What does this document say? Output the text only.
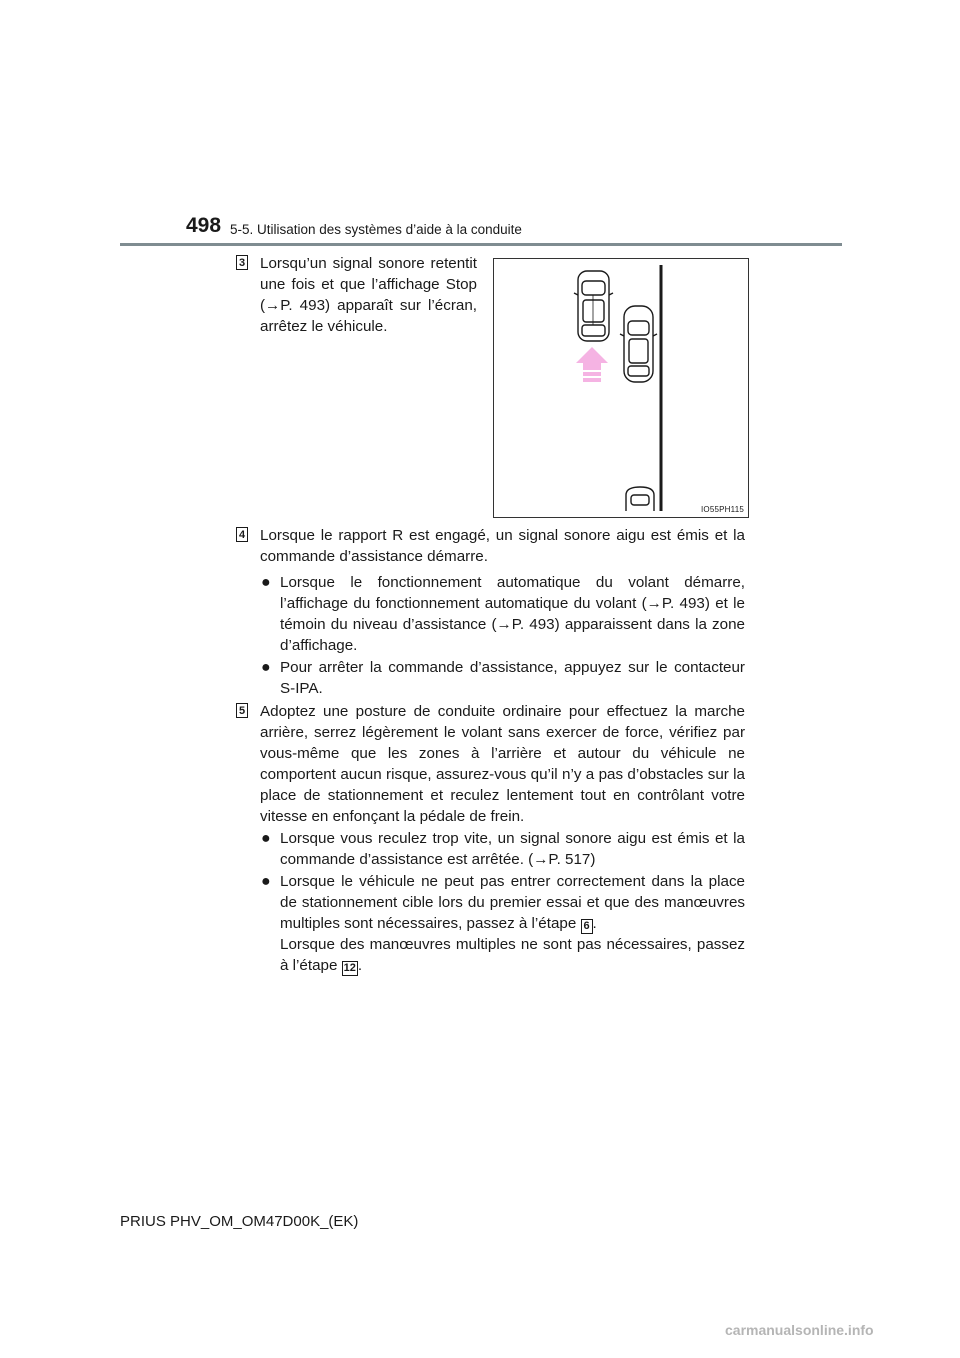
498 5-5. Utilisation des systèmes d’aide à la conduite
3 Lorsqu’un signal sonore retentit une fois et que l’affichage Stop (→P. 493) apparaît sur l’écran, arrêtez le véhicule.

IO55PH115
4 Lorsque le rapport R est engagé, un signal sonore aigu est émis et la commande d’assistance démarre.

● Lorsque le fonctionnement automatique du volant démarre, l’affichage du fonctionnement automatique du volant (→P. 493) et le témoin du niveau d’assistance (→P. 493) apparaissent dans la zone d’affichage.

● Pour arrêter la commande d’assistance, appuyez sur le contacteur S-IPA.

5 Adoptez une posture de conduite ordinaire pour effectuez la marche arrière, serrez légèrement le volant sans exercer de force, vérifiez par vous-même que les zones à l’arrière et autour du véhicule ne comportent aucun risque, assurez-vous qu’il n’y a pas d’obstacles sur la place de stationnement et reculez lentement tout en contrôlant votre vitesse en enfonçant la pédale de frein.

● Lorsque vous reculez trop vite, un signal sonore aigu est émis et la commande d’assistance est arrêtée. (→P. 517)

● Lorsque le véhicule ne peut pas entrer correctement dans la place de stationnement cible lors du premier essai et que des manœuvres multiples sont nécessaires, passez à l’étape 6 .
Lorsque des manœuvres multiples ne sont pas nécessaires, passez à l’étape 12 .

PRIUS PHV_OM_OM47D00K_(EK)
carmanualsonline.info
